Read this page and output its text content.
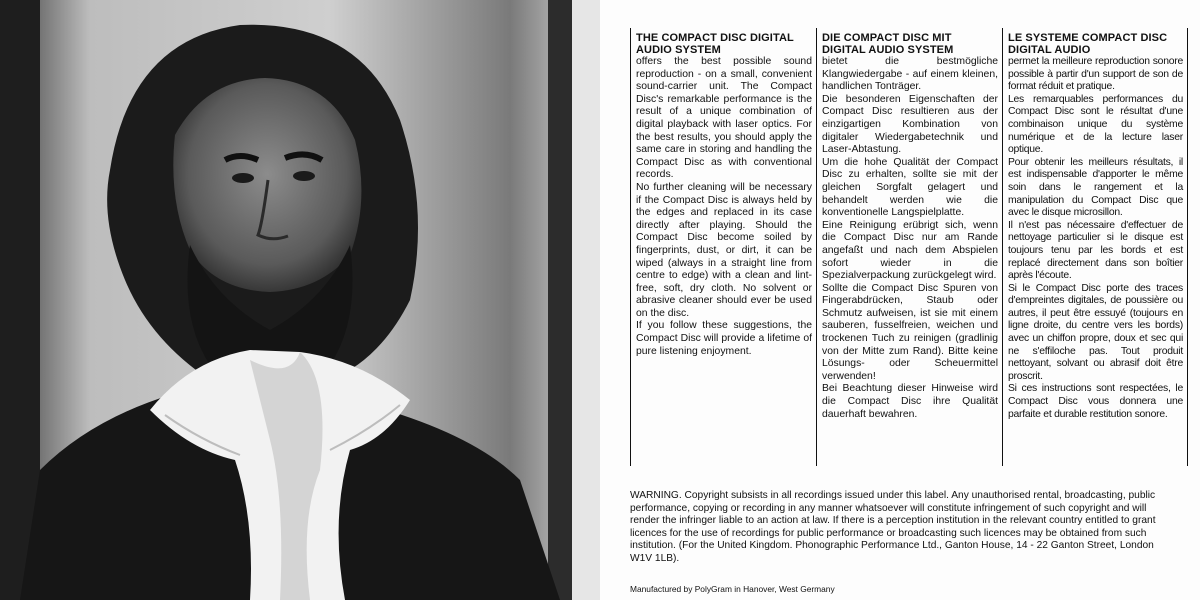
THE COMPACT DISC DIGITAL AUDIO SYSTEM

offers the best possible sound reproduction - on a small, convenient sound-carrier unit. The Compact Disc's remarkable performance is the result of a unique combination of digital playback with laser optics. For the best results, you should apply the same care in storing and handling the Compact Disc as with conventional records.

No further cleaning will be necessary if the Compact Disc is always held by the edges and replaced in its case directly after playing. Should the Compact Disc become soiled by fingerprints, dust, or dirt, it can be wiped (always in a straight line from centre to edge) with a clean and lint-free, soft, dry cloth. No solvent or abrasive cleaner should ever be used on the disc.

If you follow these suggestions, the Compact Disc will provide a lifetime of pure listening enjoyment.

DIE COMPACT DISC MIT DIGITAL AUDIO SYSTEM

bietet die bestmögliche Klangwiedergabe - auf einem kleinen, handlichen Tonträger.

Die besonderen Eigenschaften der Compact Disc resultieren aus der einzigartigen Kombination von digitaler Wiedergabetechnik und Laser-Abtastung.

Um die hohe Qualität der Compact Disc zu erhalten, sollte sie mit der gleichen Sorgfalt gelagert und behandelt werden wie die konventionelle Langspielplatte.

Eine Reinigung erübrigt sich, wenn die Compact Disc nur am Rande angefaßt und nach dem Abspielen sofort wieder in die Spezialverpackung zurückgelegt wird.

Sollte die Compact Disc Spuren von Fingerabdrücken, Staub oder Schmutz aufweisen, ist sie mit einem sauberen, fusselfreien, weichen und trockenen Tuch zu reinigen (gradlinig von der Mitte zum Rand). Bitte keine Lösungs- oder Scheuermittel verwenden!

Bei Beachtung dieser Hinweise wird die Compact Disc ihre Qualität dauerhaft bewahren.

LE SYSTEME COMPACT DISC DIGITAL AUDIO

permet la meilleure reproduction sonore possible à partir d'un support de son de format réduit et pratique.

Les remarquables performances du Compact Disc sont le résultat d'une combinaison unique du système numérique et de la lecture laser optique.

Pour obtenir les meilleurs résultats, il est indispensable d'apporter le même soin dans le rangement et la manipulation du Compact Disc que avec le disque microsillon.

Il n'est pas nécessaire d'effectuer de nettoyage particulier si le disque est toujours tenu par les bords et est replacé directement dans son boîtier après l'écoute.

Si le Compact Disc porte des traces d'empreintes digitales, de poussière ou autres, il peut être essuyé (toujours en ligne droite, du centre vers les bords) avec un chiffon propre, doux et sec qui ne s'effiloche pas. Tout produit nettoyant, solvant ou abrasif doit être proscrit.

Si ces instructions sont respectées, le Compact Disc vous donnera une parfaite et durable restitution sonore.

WARNING. Copyright subsists in all recordings issued under this label. Any unauthorised rental, broadcasting, public performance, copying or recording in any manner whatsoever will constitute infringement of such copyright and will render the infringer liable to an action at law. If there is a perception institution in the relevant country entitled to grant licences for the use of recordings for public performance or broadcasting such licences may be obtained from such institution. (For the United Kingdom. Phonographic Performance Ltd., Ganton House, 14 - 22 Ganton Street, London W1V 1LB).

Manufactured by PolyGram in Hanover, West Germany
